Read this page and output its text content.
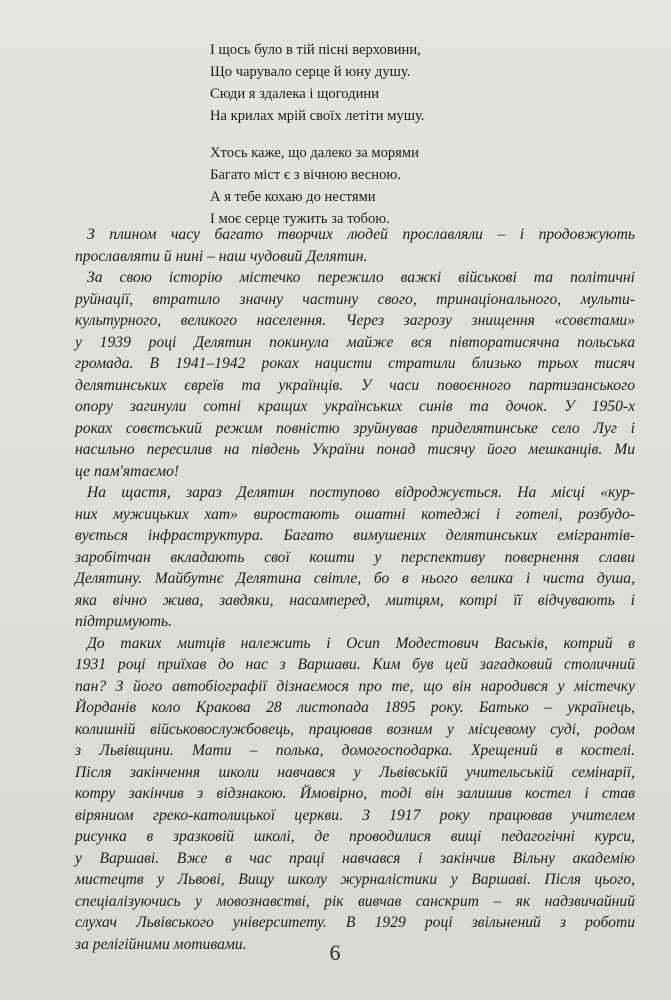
І щось було в тій пісні верховини,
Що чарувало серце й юну душу.
Сюди я здалека і щогодини
На крилах мрій своїх летіти мушу.
Хтось каже, що далеко за морями
Багато міст є з вічною весною.
А я тебе кохаю до нестями
І моє серце тужить за тобою.
З плином часу багато творчих людей прославляли – і продовжують
прославляти й нині – наш чудовий Делятин.
За свою історію містечко пережило важкі військові та політичні
руйнації, втратило значну частину свого, тринаціонального, мульти-
культурного, великого населення. Через загрозу знищення «совєтами»
у 1939 році Делятин покинула майже вся півторатисячна польська
громада. В 1941–1942 роках нацисти стратили близько трьох тисяч
делятинських євреїв та українців. У часи повоєнного партизанського
опору загинули сотні кращих українських синів та дочок. У 1950-х
роках совєтський режим повністю зруйнував приделятинське село Луг і
насильно пересилив на південь України понад тисячу його мешканців. Ми
це пам'ятаємо!
На щастя, зараз Делятин поступово відроджується. На місці «кур-
них мужицьких хат» виростають ошатні котеджі і готелі, розбудо-
вується інфраструктура. Багато вимушених делятинських емігрантів-
заробітчан вкладають свої кошти у перспективу повернення слави
Делятину. Майбутнє Делятина світле, бо в нього велика і чиста душа,
яка вічно жива, завдяки, насамперед, митцям, котрі її відчувають і
підтримують.
До таких митців належить і Осип Модестович Васьків, котрий в
1931 році приїхав до нас з Варшави. Ким був цей загадковий столичний
пан? З його автобіографії дізнаємося про те, що він народився у містечку
Йорданів коло Кракова 28 листопада 1895 року. Батько – українець,
колишній військовослужбовець, працював возним у місцевому суді, родом
з Львівщини. Мати – полька, домогосподарка. Хрещений в костелі.
Після закінчення школи навчався у Львівській учительській семінарії,
котру закінчив з відзнакою. Ймовірно, тоді він залишив костел і став
віряниом греко-католицької церкви. З 1917 року працював учителем
рисунка в зразковій школі, де проводилися вищі педагогічні курси,
у Варшаві. Вже в час праці навчався і закінчив Вільну академію
мистецтв у Львові, Вищу школу журналістики у Варшаві. Після цього,
спеціалізуючись у мовознавстві, рік вивчав санскрит – як надзвичайний
слухач Львівського університету. В 1929 році звільнений з роботи
за релігійними мотивами.	6
